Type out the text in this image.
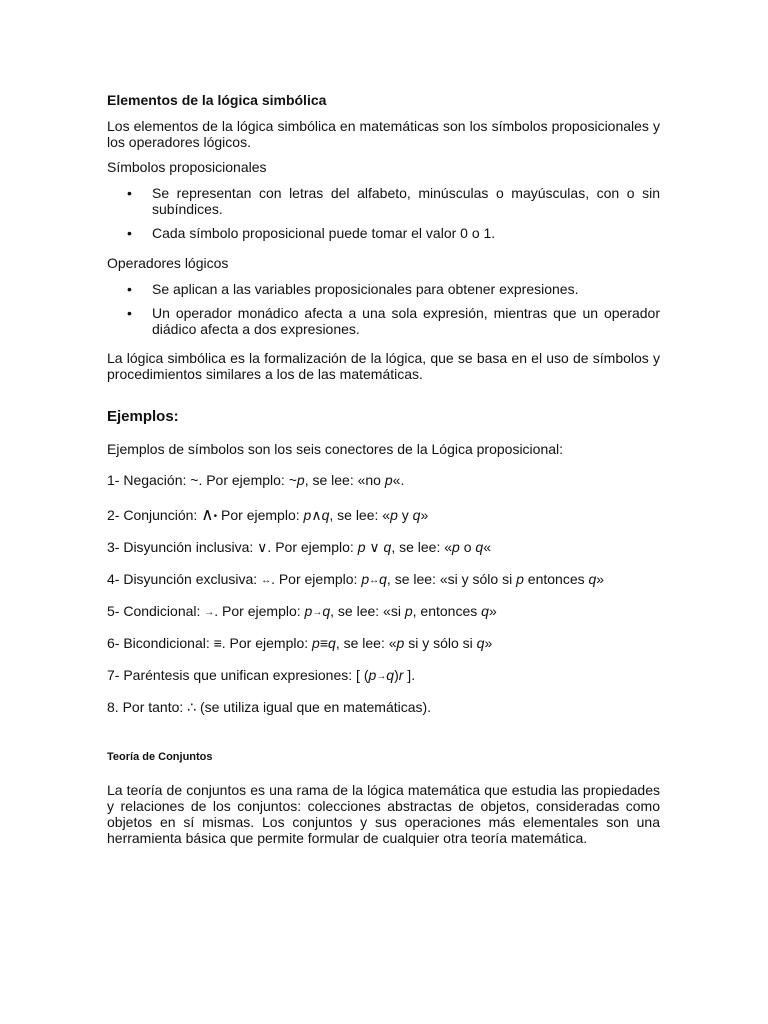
Elementos de la lógica simbólica

Los elementos de la lógica simbólica en matemáticas son los símbolos proposicionales y los operadores lógicos.

Símbolos proposicionales

• Se representan con letras del alfabeto, minúsculas o mayúsculas, con o sin subíndices.
• Cada símbolo proposicional puede tomar el valor 0 o 1.

Operadores lógicos

• Se aplican a las variables proposicionales para obtener expresiones.
• Un operador monádico afecta a una sola expresión, mientras que un operador diádico afecta a dos expresiones.

La lógica simbólica es la formalización de la lógica, que se basa en el uso de símbolos y procedimientos similares a los de las matemáticas.

Ejemplos:

Ejemplos de símbolos son los seis conectores de la Lógica proposicional:

1- Negación: ~. Por ejemplo: ~p, se lee: «no p«.
2- Conjunción: ∧• Por ejemplo: p∧q, se lee: «p y q»
3- Disyunción inclusiva: ∨. Por ejemplo: p ∨ q, se lee: «p o q«
4- Disyunción exclusiva: ↔. Por ejemplo: p↔q, se lee: «si y sólo si p entonces q»
5- Condicional: →. Por ejemplo: p→q, se lee: «si p, entonces q»
6- Bicondicional: ≡. Por ejemplo: p≡q, se lee: «p si y sólo si q»
7- Paréntesis que unifican expresiones: [ (p→q)r ].
8. Por tanto: ∴ (se utiliza igual que en matemáticas).
Teoría de Conjuntos

La teoría de conjuntos es una rama de la lógica matemática que estudia las propiedades y relaciones de los conjuntos: colecciones abstractas de objetos, consideradas como objetos en sí mismas. Los conjuntos y sus operaciones más elementales son una herramienta básica que permite formular de cualquier otra teoría matemática.
